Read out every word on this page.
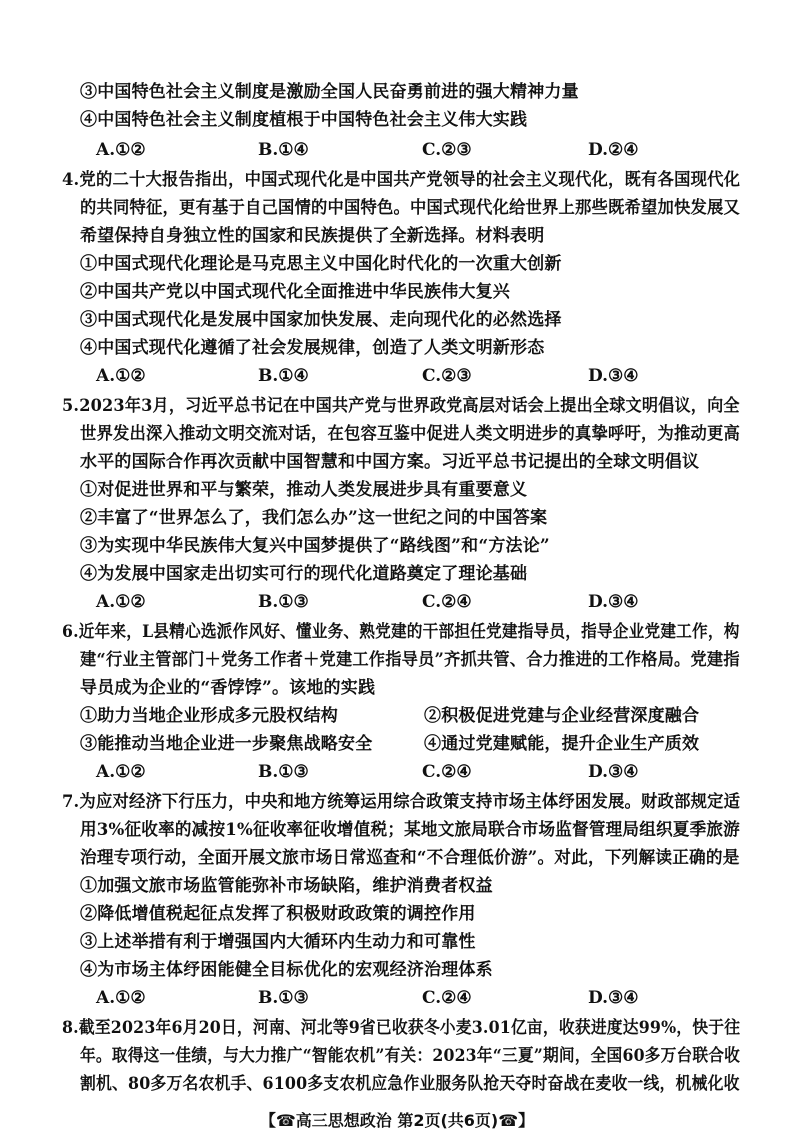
③中国特色社会主义制度是激励全国人民奋勇前进的强大精神力量
④中国特色社会主义制度植根于中国特色社会主义伟大实践
A.①②	B.①④	C.②③	D.②④
4.党的二十大报告指出，中国式现代化是中国共产党领导的社会主义现代化，既有各国现代化
的共同特征，更有基于自己国情的中国特色。中国式现代化给世界上那些既希望加快发展又
希望保持自身独立性的国家和民族提供了全新选择。材料表明
①中国式现代化理论是马克思主义中国化时代化的一次重大创新
②中国共产党以中国式现代化全面推进中华民族伟大复兴
③中国式现代化是发展中国家加快发展、走向现代化的必然选择
④中国式现代化遵循了社会发展规律，创造了人类文明新形态
A.①②	B.①④	C.②③	D.③④
5.2023年3月，习近平总书记在中国共产党与世界政党高层对话会上提出全球文明倡议，向全
世界发出深入推动文明交流对话，在包容互鉴中促进人类文明进步的真挚呼吁，为推动更高
水平的国际合作再次贡献中国智慧和中国方案。习近平总书记提出的全球文明倡议
①对促进世界和平与繁荣，推动人类发展进步具有重要意义
②丰富了“世界怎么了，我们怎么办”这一世纪之问的中国答案
③为实现中华民族伟大复兴中国梦提供了“路线图”和“方法论”
④为发展中国家走出切实可行的现代化道路奠定了理论基础
A.①②	B.①③	C.②④	D.③④
6.近年来，L县精心选派作风好、懂业务、熟党建的干部担任党建指导员，指导企业党建工作，构
建“行业主管部门＋党务工作者＋党建工作指导员”齐抓共管、合力推进的工作格局。党建指
导员成为企业的“香饽饽”。该地的实践
①助力当地企业形成多元股权结构	②积极促进党建与企业经营深度融合
③能推动当地企业进一步聚焦战略安全	④通过党建赋能，提升企业生产质效
A.①②	B.①③	C.②④	D.③④
7.为应对经济下行压力，中央和地方统筹运用综合政策支持市场主体纾困发展。财政部规定适
用3%征收率的减按1%征收率征收增值税；某地文旅局联合市场监督管理局组织夏季旅游
治理专项行动，全面开展文旅市场日常巡查和“不合理低价游”。对此，下列解读正确的是
①加强文旅市场监管能弥补市场缺陷，维护消费者权益
②降低增值税起征点发挥了积极财政政策的调控作用
③上述举措有利于增强国内大循环内生动力和可靠性
④为市场主体纾困能健全目标优化的宏观经济治理体系
A.①②	B.①③	C.②④	D.③④
8.截至2023年6月20日，河南、河北等9省已收获冬小麦3.01亿亩，收获进度达99%，快于往
年。取得这一佳绩，与大力推广“智能农机”有关：2023年“三夏”期间，全国60多万台联合收
割机、80多万名农机手、6100多支农机应急作业服务队抢天夺时奋战在麦收一线，机械化收
【☎高三思想政治 第2页(共6页)☎】
